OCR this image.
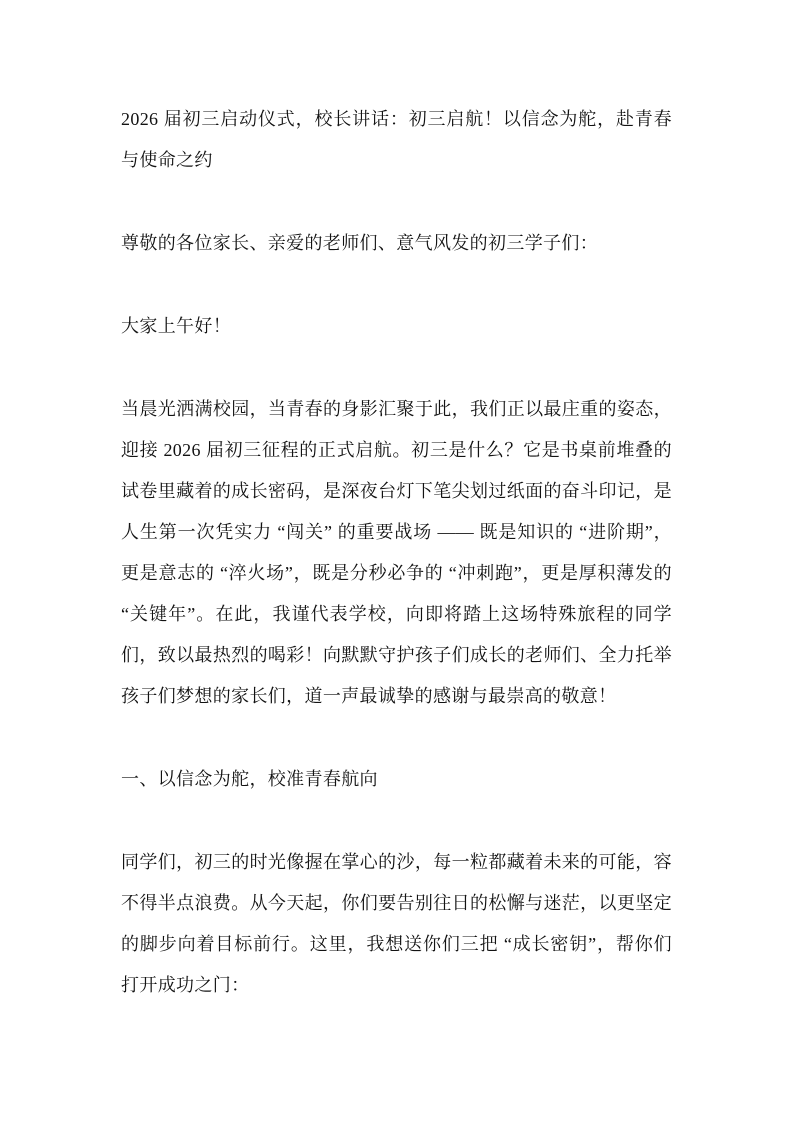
2026 届初三启动仪式，校长讲话：初三启航！以信念为舵，赴青春与使命之约

尊敬的各位家长、亲爱的老师们、意气风发的初三学子们：

大家上午好！

当晨光洒满校园，当青春的身影汇聚于此，我们正以最庄重的姿态，迎接 2026 届初三征程的正式启航。初三是什么？它是书桌前堆叠的试卷里藏着的成长密码，是深夜台灯下笔尖划过纸面的奋斗印记，是人生第一次凭实力 “闯关” 的重要战场 —— 既是知识的 “进阶期”，更是意志的 “淬火场”，既是分秒必争的 “冲刺跑”，更是厚积薄发的 “关键年”。在此，我谨代表学校，向即将踏上这场特殊旅程的同学们，致以最热烈的喝彩！向默默守护孩子们成长的老师们、全力托举孩子们梦想的家长们，道一声最诚挚的感谢与最崇高的敬意！

一、以信念为舵，校准青春航向

同学们，初三的时光像握在掌心的沙，每一粒都藏着未来的可能，容不得半点浪费。从今天起，你们要告别往日的松懈与迷茫，以更坚定的脚步向着目标前行。这里，我想送你们三把 “成长密钥”，帮你们打开成功之门：
